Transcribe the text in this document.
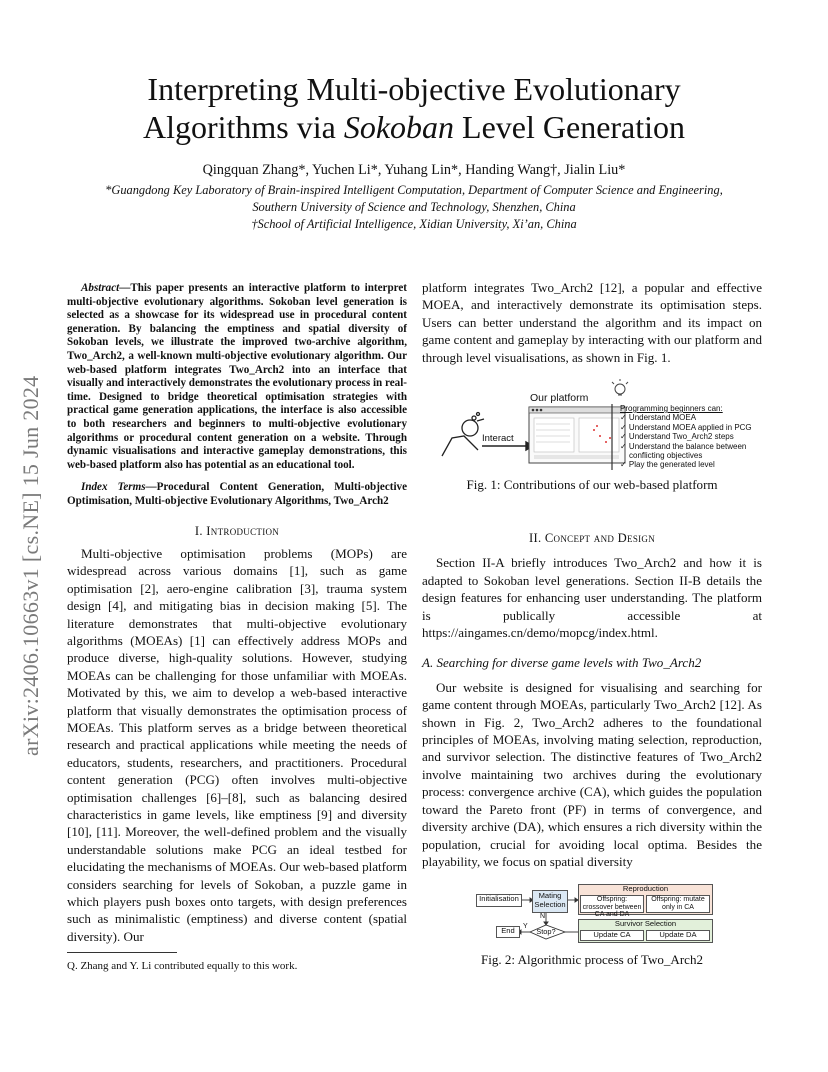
arXiv:2406.10663v1 [cs.NE] 15 Jun 2024
Interpreting Multi-objective Evolutionary
Algorithms via Sokoban Level Generation
Qingquan Zhang*, Yuchen Li*, Yuhang Lin*, Handing Wang†, Jialin Liu*
*Guangdong Key Laboratory of Brain-inspired Intelligent Computation, Department of Computer Science and Engineering,
Southern University of Science and Technology, Shenzhen, China
†School of Artificial Intelligence, Xidian University, Xi’an, China

Abstract—This paper presents an interactive platform to interpret multi-objective evolutionary algorithms. Sokoban level generation is selected as a showcase for its widespread use in procedural content generation. By balancing the emptiness and spatial diversity of Sokoban levels, we illustrate the improved two-archive algorithm, Two_Arch2, a well-known multi-objective evolutionary algorithm. Our web-based platform integrates Two_Arch2 into an interface that visually and interactively demonstrates the evolutionary process in real-time. Designed to bridge theoretical optimisation strategies with practical game generation applications, the interface is also accessible to both researchers and beginners to multi-objective evolutionary algorithms or procedural content generation on a website. Through dynamic visualisations and interactive gameplay demonstrations, this web-based platform also has potential as an educational tool.

Index Terms—Procedural Content Generation, Multi-objective Optimisation, Multi-objective Evolutionary Algorithms, Two_Arch2

I. Introduction

Multi-objective optimisation problems (MOPs) are widespread across various domains [1], such as game optimisation [2], aero-engine calibration [3], trauma system design [4], and mitigating bias in decision making [5]. The literature demonstrates that multi-objective evolutionary algorithms (MOEAs) [1] can effectively address MOPs and produce diverse, high-quality solutions. However, studying MOEAs can be challenging for those unfamiliar with MOEAs. Motivated by this, we aim to develop a web-based interactive platform that visually demonstrates the optimisation process of MOEAs. This platform serves as a bridge between theoretical research and practical applications while meeting the needs of educators, students, researchers, and practitioners. Procedural content generation (PCG) often involves multi-objective optimisation challenges [6]–[8], such as balancing desired characteristics in game levels, like emptiness [9] and diversity [10], [11]. Moreover, the well-defined problem and the visually understandable solutions make PCG an ideal testbed for elucidating the mechanisms of MOEAs. Our web-based platform considers searching for levels of Sokoban, a puzzle game in which players push boxes onto targets, with design preferences such as minimalistic (emptiness) and diverse content (spatial diversity). Our

Q. Zhang and Y. Li contributed equally to this work.

platform integrates Two_Arch2 [12], a popular and effective MOEA, and interactively demonstrate its optimisation steps. Users can better understand the algorithm and its impact on game content and gameplay by interacting with our platform and through level visualisations, as shown in Fig. 1.

Our platform
Interact
Programming beginners can:
✓ Understand MOEA
✓ Understand MOEA applied in PCG
✓ Understand Two_Arch2 steps
✓ Understand the balance between
conflicting objectives
✓ Play the generated level
Fig. 1: Contributions of our web-based platform

II. Concept and Design

Section II-A briefly introduces Two_Arch2 and how it is adapted to Sokoban level generations. Section II-B details the design features for enhancing user understanding. The platform is publically accessible at https://aingames.cn/demo/mopcg/index.html.

A. Searching for diverse game levels with Two_Arch2

Our website is designed for visualising and searching for game content through MOEAs, particularly Two_Arch2 [12]. As shown in Fig. 2, Two_Arch2 adheres to the foundational principles of MOEAs, involving mating selection, reproduction, and survivor selection. The distinctive features of Two_Arch2 involve maintaining two archives during the evolutionary process: convergence archive (CA), which guides the population toward the Pareto front (PF) in terms of convergence, and diversity archive (DA), which ensures a rich diversity within the population, crucial for avoiding local optima. Besides the playability, we focus on spatial diversity

Initialisation	Mating Selection
Reproduction
Offspring: crossover between CA and DA
Offspring: mutate only in CA
Survivor Selection
Update CA	Update DA
Stop?
End	Y
N
Fig. 2: Algorithmic process of Two_Arch2
